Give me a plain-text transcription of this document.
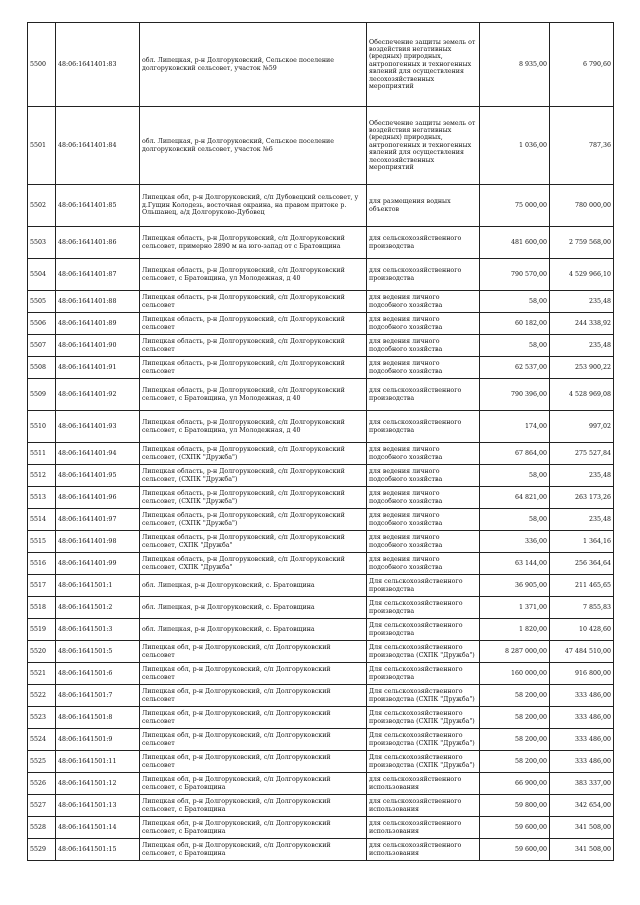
5500	48:06:1641401:83	обл. Липецкая, р-н Долгоруковский, Сельское поселение долгоруковский сельсовет, участок №59	Обеспечение защиты земель от воздействия негативных (вредных) природных, антропогенных и техногенных явлений для осуществления лесохозяйственных мероприятий	8 935,00	6 790,60
5501	48:06:1641401:84	обл. Липецкая, р-н Долгоруковский, Сельское поселение долгоруковский сельсовет, участок №6	Обеспечение защиты земель от воздействия негативных (вредных) природных, антропогенных и техногенных явлений для осуществления лесохозяйственных мероприятий	1 036,00	787,36
5502	48:06:1641401:85	Липецкая обл, р-н Долгоруковский, с/п Дубовецкий сельсовет, у д.Гущин Колодезь, восточная окраина, на правом притоке р. Ольшанец, а/д Долгоруково-Дубовец	для размещения водных объектов	75 000,00	780 000,00
5503	48:06:1641401:86	Липецкая область, р-н Долгоруковский, с/п Долгоруковский сельсовет, примерно 2890 м на юго-запад от с Братовщина	для сельскохозяйственного производства	481 600,00	2 759 568,00
5504	48:06:1641401:87	Липецкая область, р-н Долгоруковский, с/п Долгоруковский сельсовет, с Братовщина, ул Молодежная, д 40	для сельскохозяйственного производства	790 570,00	4 529 966,10
5505	48:06:1641401:88	Липецкая область, р-н Долгоруковский, с/п Долгоруковский сельсовет	для ведения личного подсобного хозяйства	58,00	235,48
5506	48:06:1641401:89	Липецкая область, р-н Долгоруковский, с/п Долгоруковский сельсовет	для ведения личного подсобного хозяйства	60 182,00	244 338,92
5507	48:06:1641401:90	Липецкая область, р-н Долгоруковский, с/п Долгоруковский сельсовет	для ведения личного подсобного хозяйства	58,00	235,48
5508	48:06:1641401:91	Липецкая область, р-н Долгоруковский, с/п Долгоруковский сельсовет	для ведения личного подсобного хозяйства	62 537,00	253 900,22
5509	48:06:1641401:92	Липецкая область, р-н Долгоруковский, с/п Долгоруковский сельсовет, с Братовщина, ул Молодежная, д 40	для сельскохозяйственного производства	790 396,00	4 528 969,08
5510	48:06:1641401:93	Липецкая область, р-н Долгоруковский, с/п Долгоруковский сельсовет, с Братовщина, ул Молодежная, д 40	для сельскохозяйственного производства	174,00	997,02
5511	48:06:1641401:94	Липецкая область, р-н Долгоруковский, с/п Долгоруковский сельсовет, (СХПК "Дружба")	для ведения личного подсобного хозяйства	67 864,00	275 527,84
5512	48:06:1641401:95	Липецкая область, р-н Долгоруковский, с/п Долгоруковский сельсовет, (СХПК "Дружба")	для ведения личного подсобного хозяйства	58,00	235,48
5513	48:06:1641401:96	Липецкая область, р-н Долгоруковский, с/п Долгоруковский сельсовет, (СХПК "Дружба")	для ведения личного подсобного хозяйства	64 821,00	263 173,26
5514	48:06:1641401:97	Липецкая область, р-н Долгоруковский, с/п Долгоруковский сельсовет, (СХПК "Дружба")	для ведения личного подсобного хозяйства	58,00	235,48
5515	48:06:1641401:98	Липецкая область, р-н Долгоруковский, с/п Долгоруковский сельсовет, СХПК "Дружба"	для ведения личного подсобного хозяйства	336,00	1 364,16
5516	48:06:1641401:99	Липецкая область, р-н Долгоруковский, с/п Долгоруковский сельсовет, СХПК "Дружба"	для ведения личного подсобного хозяйства	63 144,00	256 364,64
5517	48:06:1641501:1	обл. Липецкая, р-н Долгоруковский, с. Братовщина	Для сельскохозяйственного производства	36 905,00	211 465,65
5518	48:06:1641501:2	обл. Липецкая, р-н Долгоруковский, с. Братовщина	Для сельскохозяйственного производства	1 371,00	7 855,83
5519	48:06:1641501:3	обл. Липецкая, р-н Долгоруковский, с. Братовщина	Для сельскохозяйственного производства	1 820,00	10 428,60
5520	48:06:1641501:5	Липецкая обл, р-н Долгоруковский, с/п Долгоруковский сельсовет	Для сельскохозяйственного производства (СХПК "Дружба")	8 287 000,00	47 484 510,00
5521	48:06:1641501:6	Липецкая обл, р-н Долгоруковский, с/п Долгоруковский сельсовет	Для сельскохозяйственного производства	160 000,00	916 800,00
5522	48:06:1641501:7	Липецкая обл, р-н Долгоруковский, с/п Долгоруковский сельсовет	Для сельскохозяйственного производства (СХПК "Дружба")	58 200,00	333 486,00
5523	48:06:1641501:8	Липецкая обл, р-н Долгоруковский, с/п Долгоруковский сельсовет	Для сельскохозяйственного производства (СХПК "Дружба")	58 200,00	333 486,00
5524	48:06:1641501:9	Липецкая обл, р-н Долгоруковский, с/п Долгоруковский сельсовет	Для сельскохозяйственного производства (СХПК "Дружба")	58 200,00	333 486,00
5525	48:06:1641501:11	Липецкая обл, р-н Долгоруковский, с/п Долгоруковский сельсовет	Для сельскохозяйственного производства (СХПК "Дружба")	58 200,00	333 486,00
5526	48:06:1641501:12	Липецкая обл, р-н Долгоруковский, с/п Долгоруковский сельсовет, с Братовщина	для сельскохозяйственного использования	66 900,00	383 337,00
5527	48:06:1641501:13	Липецкая обл, р-н Долгоруковский, с/п Долгоруковский сельсовет, с Братовщина	для сельскохозяйственного использования	59 800,00	342 654,00
5528	48:06:1641501:14	Липецкая обл, р-н Долгоруковский, с/п Долгоруковский сельсовет, с Братовщина	для сельскохозяйственного использования	59 600,00	341 508,00
5529	48:06:1641501:15	Липецкая обл, р-н Долгоруковский, с/п Долгоруковский сельсовет, с Братовщина	для сельскохозяйственного использования	59 600,00	341 508,00
